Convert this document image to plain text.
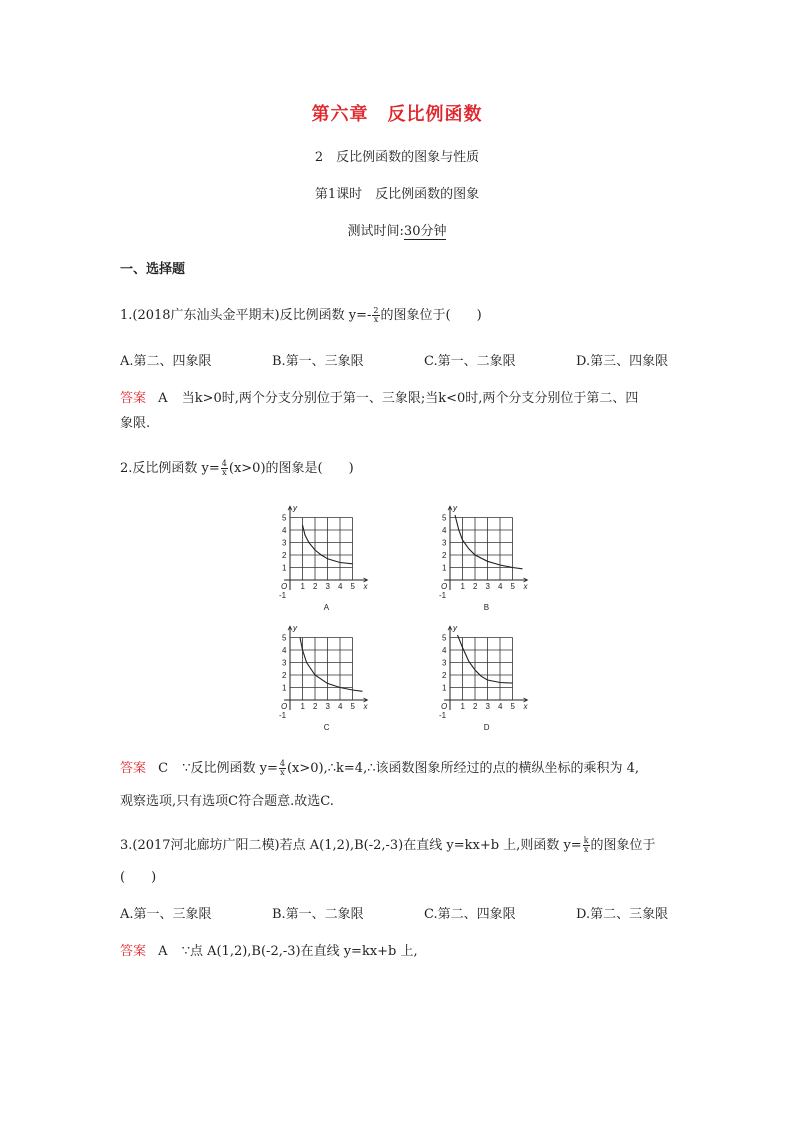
第六章　反比例函数
2　反比例函数的图象与性质
第1课时　反比例函数的图象
测试时间:30分钟
一、选择题
1.(2018广东汕头金平期末)反比例函数 $y=- \frac{2}{x}$ 的图象位于(　　)
A.第二、四象限	B.第一、三象限	C.第一、二象限	D.第三、四象限
答案 A 当k>0时,两个分支分别位于第一、三象限;当k<0时,两个分支分别位于第二、四
象限.
2.反比例函数 $y= \frac{4}{x} (x>0)$的图象是(　　)
1
1
2
2
3
3
4
4
5
5
O
-1
x
y
A
1
1
2
2
3
3
4
4
5
5
O
-1
x
y
B
1
1
2
2
3
3
4
4
5
5
O
-1
x
y
C
1
1
2
2
3
3
4
4
5
5
O
-1
x
y
D
答案 C ∵反比例函数 $y= \frac{4}{x}$ (x>0),∴k=4,∴该函数图象所经过的点的横纵坐标的乘积为 4,
观察选项,只有选项C符合题意.故选C.
3.(2017河北廊坊广阳二模)若点 A(1,2),B(-2,-3)在直线 y=kx+b 上,则函数 $y= \frac{k}{x}$ 的图象位于
(　　)
A.第一、三象限	B.第一、二象限	C.第二、四象限	D.第二、三象限
答案 A ∵点 A(1,2),B(-2,-3)在直线 y=kx+b 上,
